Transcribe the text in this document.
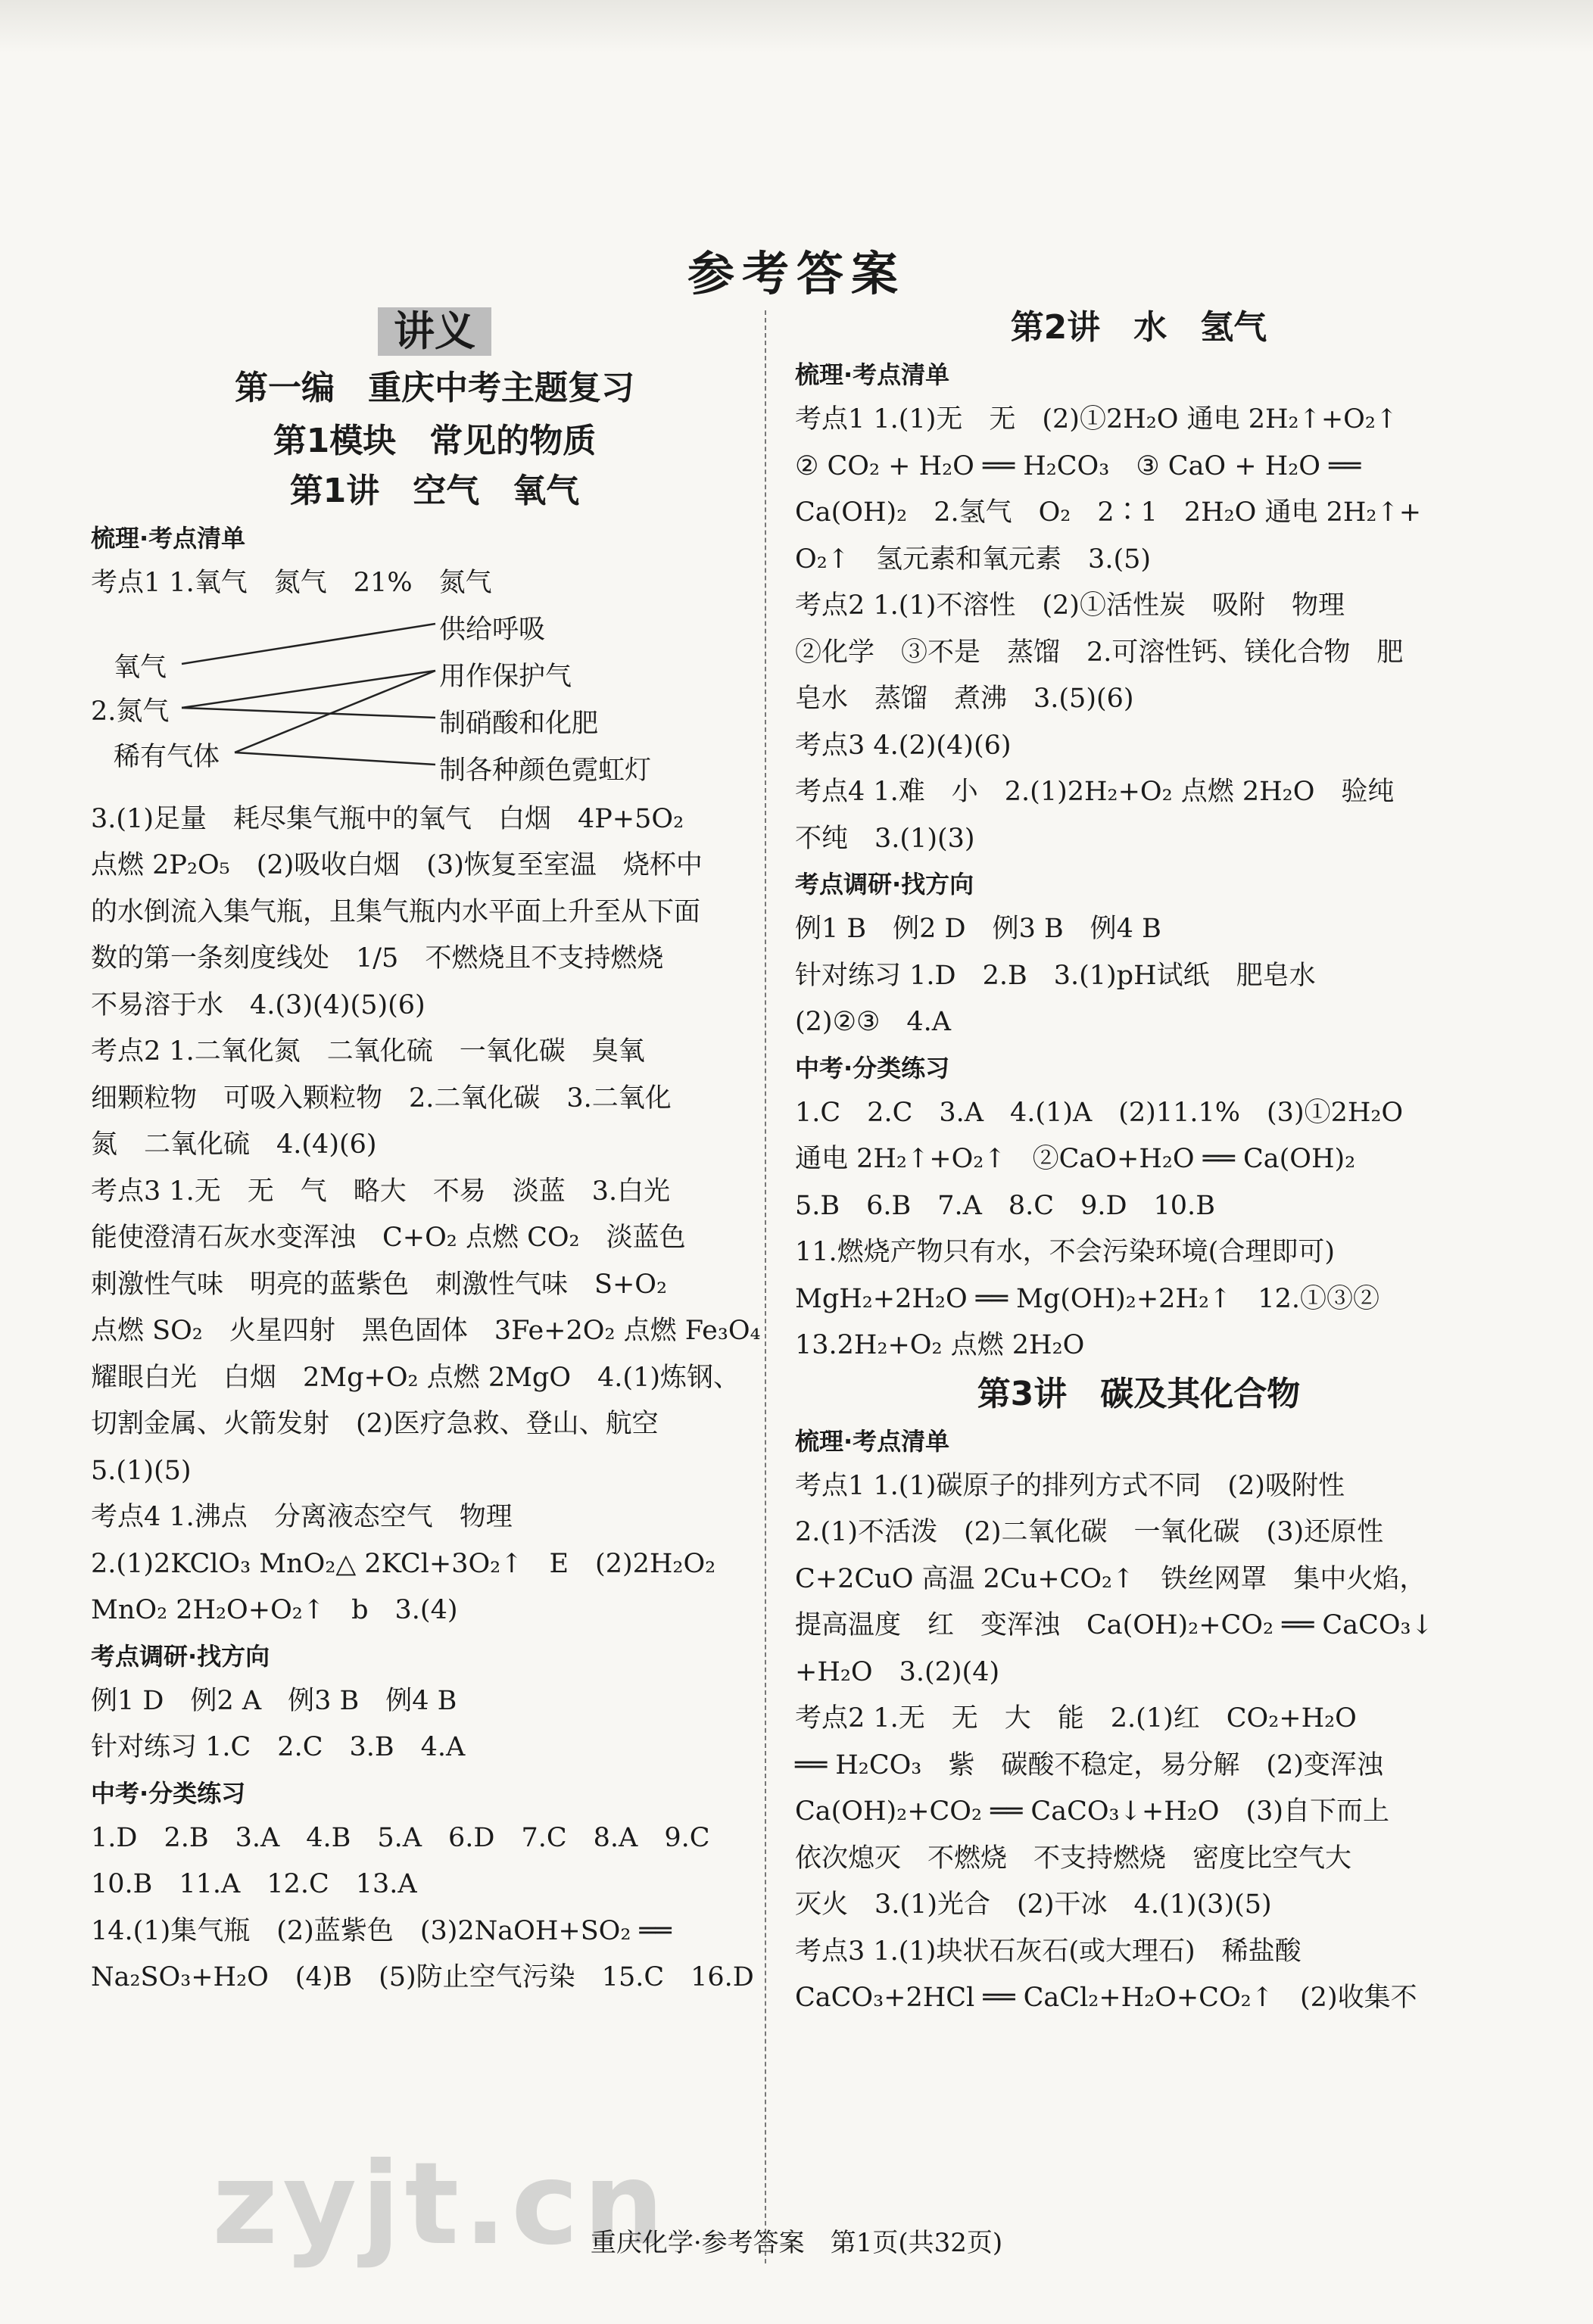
参考答案
讲义
第一编　重庆中考主题复习
第1模块　常见的物质
第1讲　空气　氧气
梳理·考点清单
考点1 1.氧气　氮气　21%　氮气
氧气
2.氮气
稀有气体
供给呼吸
用作保护气
制硝酸和化肥
制各种颜色霓虹灯
3.(1)足量　耗尽集气瓶中的氧气　白烟　4P+5O₂
点燃 2P₂O₅　(2)吸收白烟　(3)恢复至室温　烧杯中
的水倒流入集气瓶，且集气瓶内水平面上升至从下面
数的第一条刻度线处　1/5　不燃烧且不支持燃烧
不易溶于水　4.(3)(4)(5)(6)
考点2 1.二氧化氮　二氧化硫　一氧化碳　臭氧
细颗粒物　可吸入颗粒物　2.二氧化碳　3.二氧化
氮　二氧化硫　4.(4)(6)
考点3 1.无　无　气　略大　不易　淡蓝　3.白光
能使澄清石灰水变浑浊　C+O₂ 点燃 CO₂　淡蓝色
刺激性气味　明亮的蓝紫色　刺激性气味　S+O₂
点燃 SO₂　火星四射　黑色固体　3Fe+2O₂ 点燃 Fe₃O₄
耀眼白光　白烟　2Mg+O₂ 点燃 2MgO　4.(1)炼钢、
切割金属、火箭发射　(2)医疗急救、登山、航空
5.(1)(5)
考点4 1.沸点　分离液态空气　物理
2.(1)2KClO₃ MnO₂△ 2KCl+3O₂↑　E　(2)2H₂O₂
MnO₂ 2H₂O+O₂↑　b　3.(4)
考点调研·找方向
例1 D　例2 A　例3 B　例4 B
针对练习 1.C　2.C　3.B　4.A
中考·分类练习
1.D　2.B　3.A　4.B　5.A　6.D　7.C　8.A　9.C
10.B　11.A　12.C　13.A
14.(1)集气瓶　(2)蓝紫色　(3)2NaOH+SO₂ ══
Na₂SO₃+H₂O　(4)B　(5)防止空气污染　15.C　16.D
第2讲　水　氢气
梳理·考点清单
考点1 1.(1)无　无　(2)①2H₂O 通电 2H₂↑+O₂↑
② CO₂ + H₂O ══ H₂CO₃　③ CaO + H₂O ══
Ca(OH)₂　2.氢气　O₂　2∶1　2H₂O 通电 2H₂↑+
O₂↑　氢元素和氧元素　3.(5)
考点2 1.(1)不溶性　(2)①活性炭　吸附　物理
②化学　③不是　蒸馏　2.可溶性钙、镁化合物　肥
皂水　蒸馏　煮沸　3.(5)(6)
考点3 4.(2)(4)(6)
考点4 1.难　小　2.(1)2H₂+O₂ 点燃 2H₂O　验纯
不纯　3.(1)(3)
考点调研·找方向
例1 B　例2 D　例3 B　例4 B
针对练习 1.D　2.B　3.(1)pH试纸　肥皂水
(2)②③　4.A
中考·分类练习
1.C　2.C　3.A　4.(1)A　(2)11.1%　(3)①2H₂O
通电 2H₂↑+O₂↑　②CaO+H₂O ══ Ca(OH)₂
5.B　6.B　7.A　8.C　9.D　10.B
11.燃烧产物只有水，不会污染环境(合理即可)
MgH₂+2H₂O ══ Mg(OH)₂+2H₂↑　12.①③②
13.2H₂+O₂ 点燃 2H₂O
第3讲　碳及其化合物
梳理·考点清单
考点1 1.(1)碳原子的排列方式不同　(2)吸附性
2.(1)不活泼　(2)二氧化碳　一氧化碳　(3)还原性
C+2CuO 高温 2Cu+CO₂↑　铁丝网罩　集中火焰，
提高温度　红　变浑浊　Ca(OH)₂+CO₂ ══ CaCO₃↓
+H₂O　3.(2)(4)
考点2 1.无　无　大　能　2.(1)红　CO₂+H₂O
══ H₂CO₃　紫　碳酸不稳定，易分解　(2)变浑浊
Ca(OH)₂+CO₂ ══ CaCO₃↓+H₂O　(3)自下而上
依次熄灭　不燃烧　不支持燃烧　密度比空气大
灭火　3.(1)光合　(2)干冰　4.(1)(3)(5)
考点3 1.(1)块状石灰石(或大理石)　稀盐酸
CaCO₃+2HCl ══ CaCl₂+H₂O+CO₂↑　(2)收集不
zyjt.cn
重庆化学·参考答案　第1页(共32页)
